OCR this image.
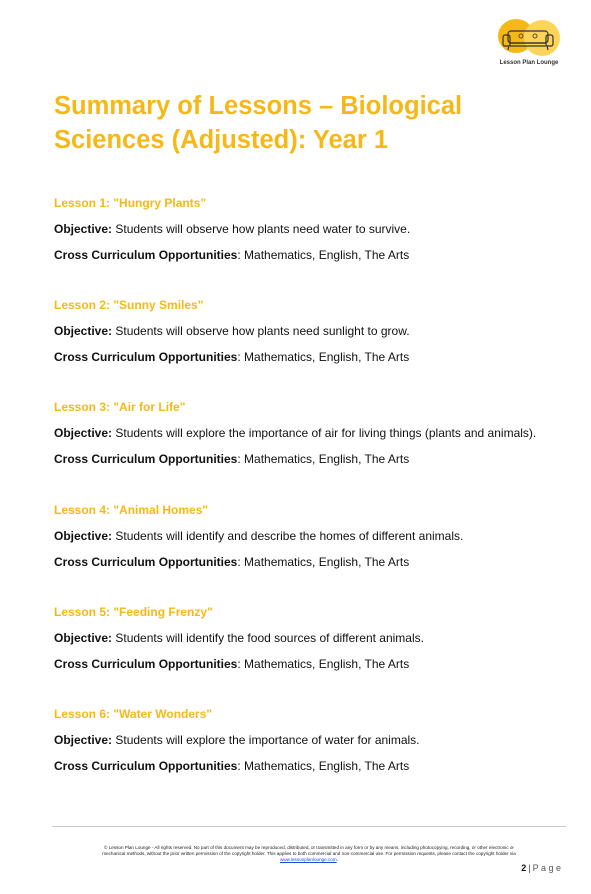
Lesson Plan Lounge
Summary of Lessons – Biological Sciences (Adjusted): Year 1
Lesson 1: "Hungry Plants"
Objective: Students will observe how plants need water to survive.
Cross Curriculum Opportunities: Mathematics, English, The Arts
Lesson 2: "Sunny Smiles"
Objective: Students will observe how plants need sunlight to grow.
Cross Curriculum Opportunities: Mathematics, English, The Arts
Lesson 3: "Air for Life"
Objective: Students will explore the importance of air for living things (plants and animals).
Cross Curriculum Opportunities: Mathematics, English, The Arts
Lesson 4: "Animal Homes"
Objective: Students will identify and describe the homes of different animals.
Cross Curriculum Opportunities: Mathematics, English, The Arts
Lesson 5: "Feeding Frenzy"
Objective: Students will identify the food sources of different animals.
Cross Curriculum Opportunities: Mathematics, English, The Arts
Lesson 6: "Water Wonders"
Objective: Students will explore the importance of water for animals.
Cross Curriculum Opportunities: Mathematics, English, The Arts
© Lesson Plan Lounge - All rights reserved. No part of this document may be reproduced, distributed, or transmitted in any form or by any means, including photocopying, recording, or other electronic or
mechanical methods, without the prior written permission of the copyright holder. This applies to both commercial and non-commercial use. For permission requests, please contact the copyright holder via
www.lessonplanlounge.com.
2 | P a g e
